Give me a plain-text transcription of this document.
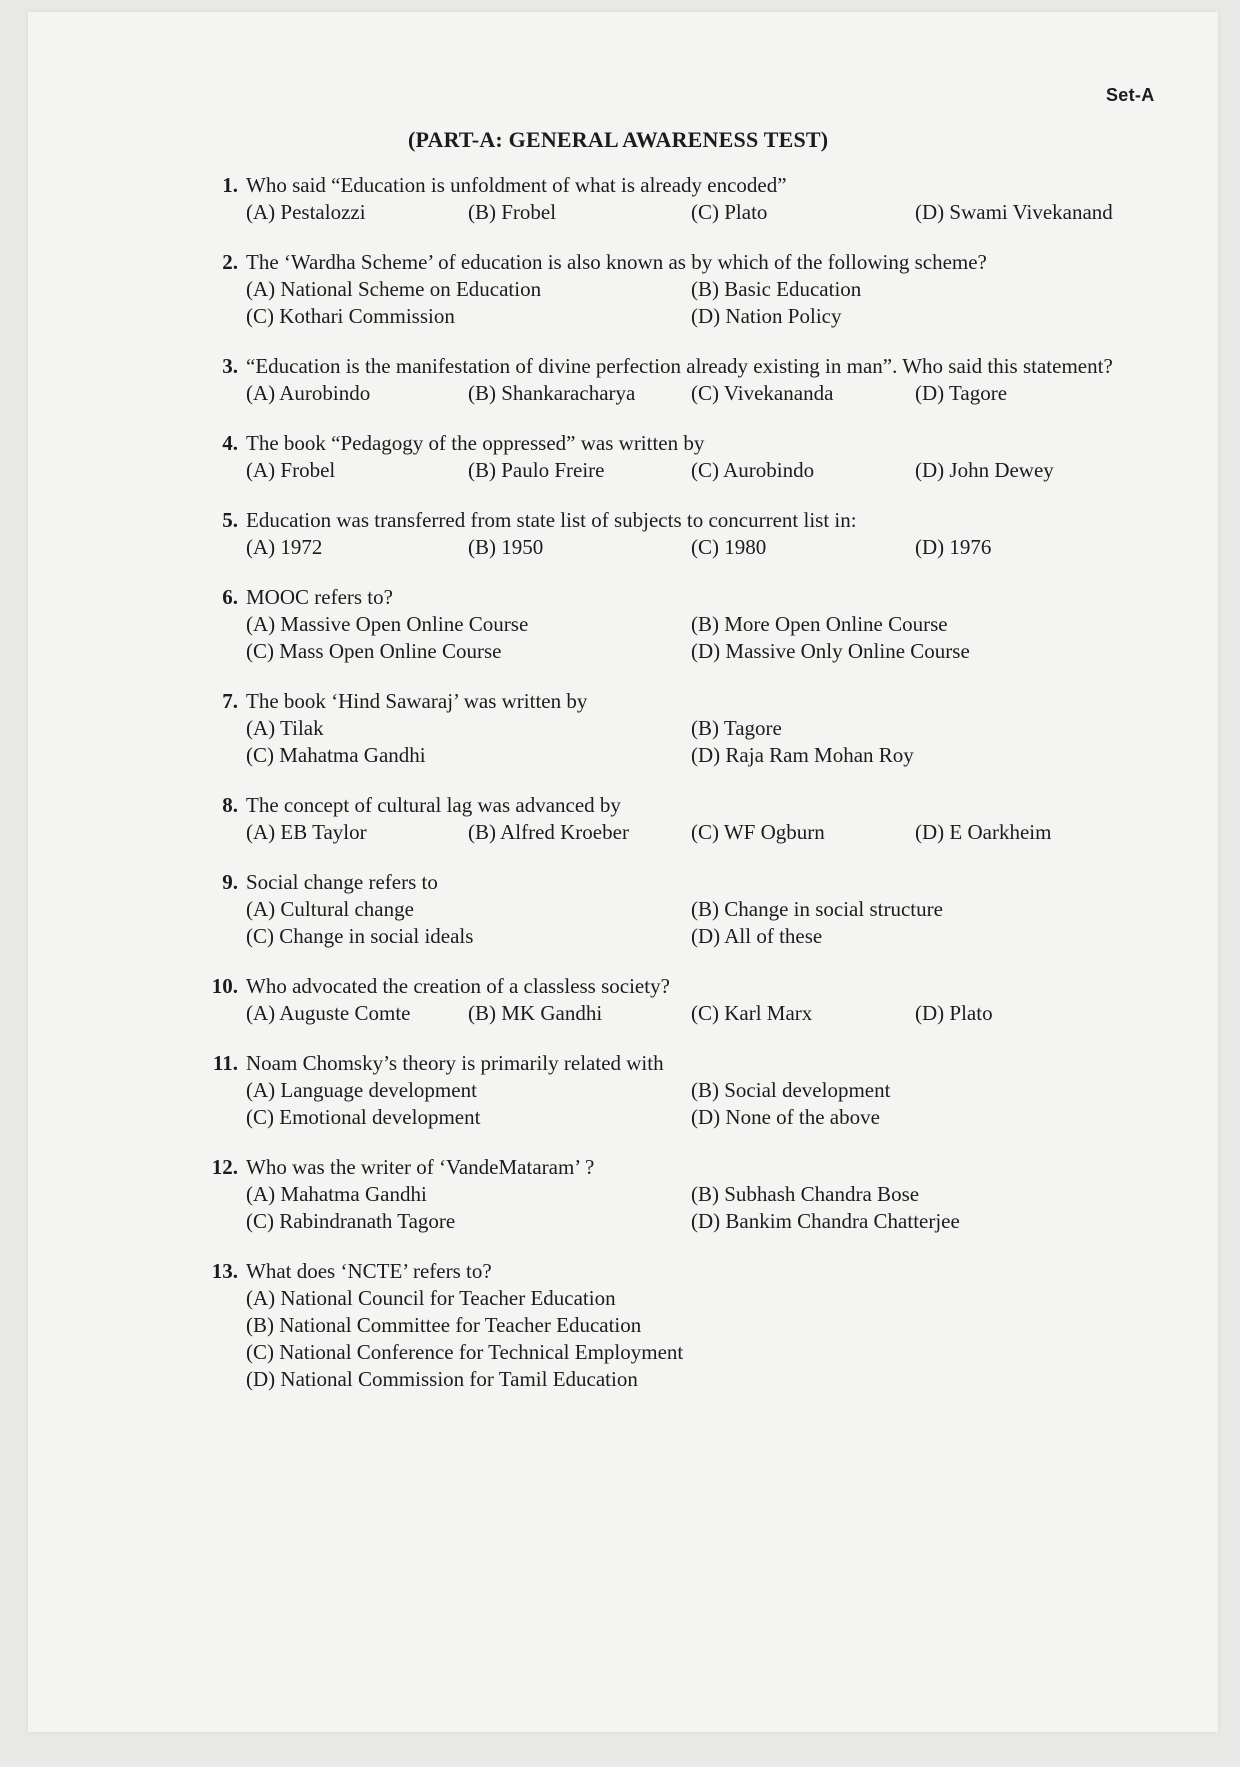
Set-A
(PART-A: GENERAL AWARENESS TEST)
1. Who said “Education is unfoldment of what is already encoded”
(A) Pestalozzi	(B) Frobel	(C) Plato	(D) Swami Vivekanand
2. The ‘Wardha Scheme’ of education is also known as by which of the following scheme?
(A) National Scheme on Education	(B) Basic Education
(C) Kothari Commission	(D) Nation Policy
3. “Education is the manifestation of divine perfection already existing in man”. Who said this statement?
(A) Aurobindo	(B) Shankaracharya	(C) Vivekananda	(D) Tagore
4. The book “Pedagogy of the oppressed” was written by
(A) Frobel	(B) Paulo Freire	(C) Aurobindo	(D) John Dewey
5. Education was transferred from state list of subjects to concurrent list in:
(A) 1972	(B) 1950	(C) 1980	(D) 1976
6. MOOC refers to?
(A) Massive Open Online Course	(B) More Open Online Course
(C) Mass Open Online Course	(D) Massive Only Online Course
7. The book ‘Hind Sawaraj’ was written by
(A) Tilak	(B) Tagore
(C) Mahatma Gandhi	(D) Raja Ram Mohan Roy
8. The concept of cultural lag was advanced by
(A) EB Taylor	(B) Alfred Kroeber	(C) WF Ogburn	(D) E Oarkheim
9. Social change refers to
(A) Cultural change	(B) Change in social structure
(C) Change in social ideals	(D) All of these
10. Who advocated the creation of a classless society?
(A) Auguste Comte	(B) MK Gandhi	(C) Karl Marx	(D) Plato
11. Noam Chomsky’s theory is primarily related with
(A) Language development	(B) Social development
(C) Emotional development	(D) None of the above
12. Who was the writer of ‘VandeMataram’ ?
(A) Mahatma Gandhi	(B) Subhash Chandra Bose
(C) Rabindranath Tagore	(D) Bankim Chandra Chatterjee
13. What does ‘NCTE’ refers to?
(A) National Council for Teacher Education
(B) National Committee for Teacher Education
(C) National Conference for Technical Employment
(D) National Commission for Tamil Education
